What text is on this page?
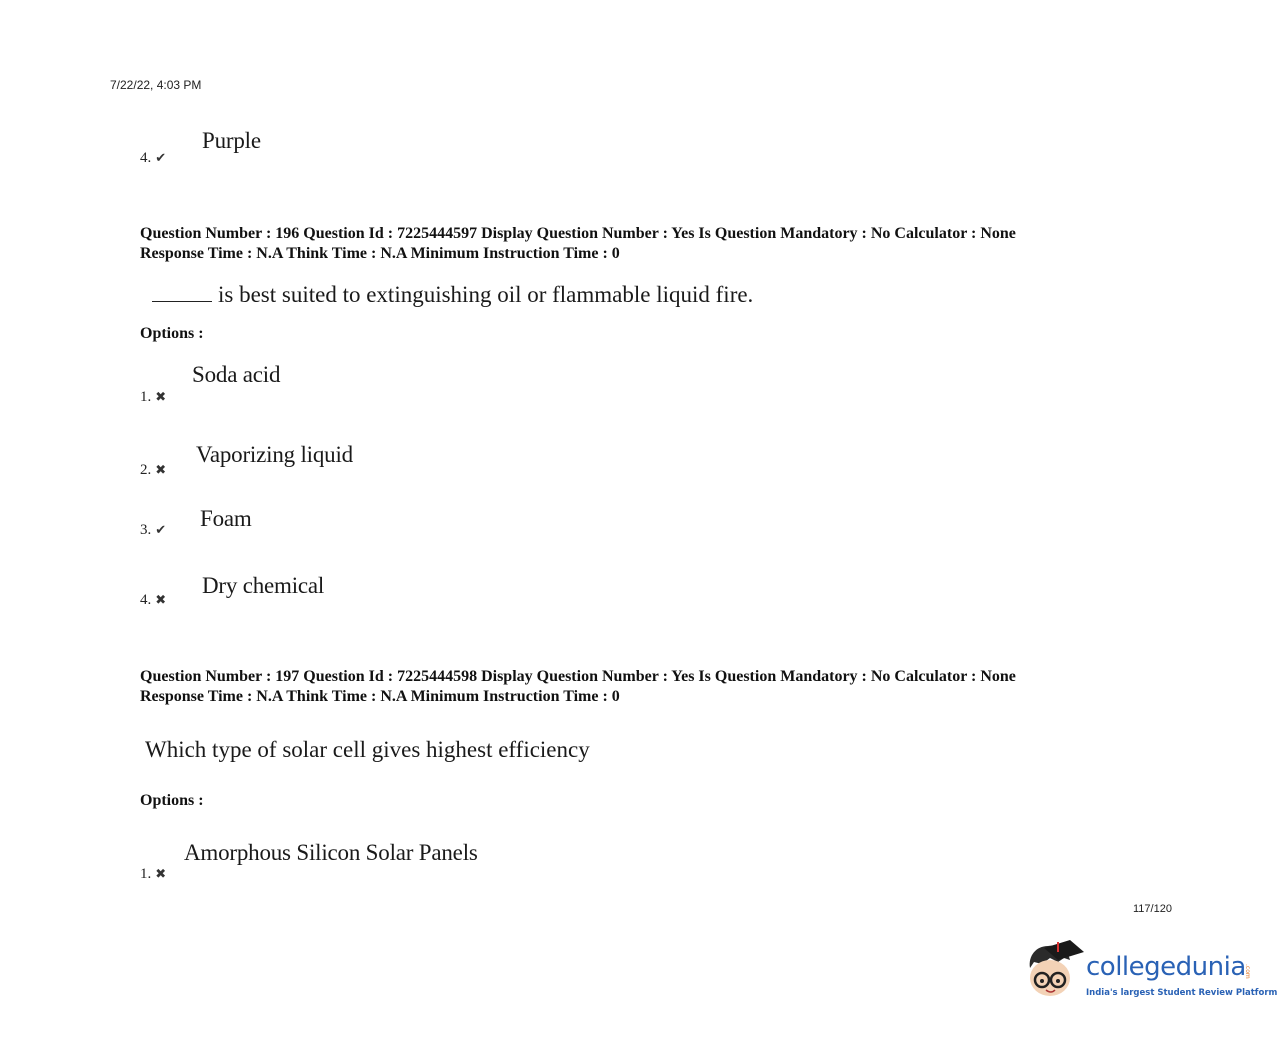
7/22/22, 4:03 PM
4. ✔
Purple
Question Number : 196 Question Id : 7225444597 Display Question Number : Yes Is Question Mandatory : No Calculator : None
Response Time : N.A Think Time : N.A Minimum Instruction Time : 0
is best suited to extinguishing oil or flammable liquid fire.
Options :
1. ✖
Soda acid
2. ✖
Vaporizing liquid
3. ✔ Foam
4. ✖
Dry chemical
Question Number : 197 Question Id : 7225444598 Display Question Number : Yes Is Question Mandatory : No Calculator : None
Response Time : N.A Think Time : N.A Minimum Instruction Time : 0
Which type of solar cell gives highest efficiency
Options :
1. ✖
Amorphous Silicon Solar Panels
117/120
collegedunia
.com
India's largest Student Review Platform
